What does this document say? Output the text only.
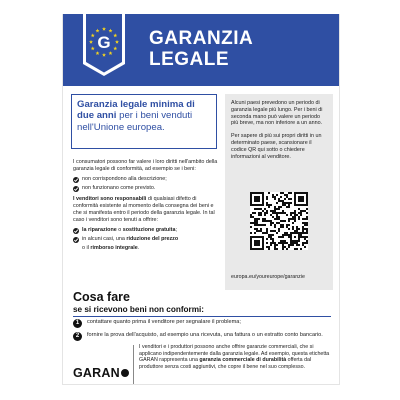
G GARANZIA
LEGALE
Garanzia legale minima di due anni per i beni venduti nell'Unione europea.

I consumatori possono far valere i loro diritti nell'ambito della garanzia legale di conformità, ad esempio se i beni:

non corrispondono alla descrizione;
non funzionano come previsto.

I venditori sono responsabili di qualsiasi difetto di conformità esistente al momento della consegna dei beni e che si manifesta entro il periodo della garanzia legale. In tal caso i venditori sono tenuti a offrire:

la riparazione o sostituzione gratuita;
in alcuni casi, una riduzione del prezzo
o il rimborso integrale.

Alcuni paesi prevedono un periodo di garanzia legale più lungo. Per i beni di seconda mano può valere un periodo più breve, ma non inferiore a un anno.

Per sapere di più sui propri diritti in un determinato paese, scansionare il codice QR qui sotto o chiedere informazioni al venditore.

europa.eu/youreurope/garanzie
Cosa fare
se si ricevono beni non conformi:
1	contattare quanto prima il venditore per segnalare il problema;
2	fornire la prova dell'acquisto, ad esempio una ricevuta, una fattura o un estratto conto bancario.
GARAN
I venditori e i produttori possono anche offrire garanzie commerciali, che si applicano indipendentemente dalla garanzia legale. Ad esempio, questa etichetta GARAN rappresenta una garanzia commerciale di durabilità offerta dal produttore senza costi aggiuntivi, che copre il bene nel suo complesso.
